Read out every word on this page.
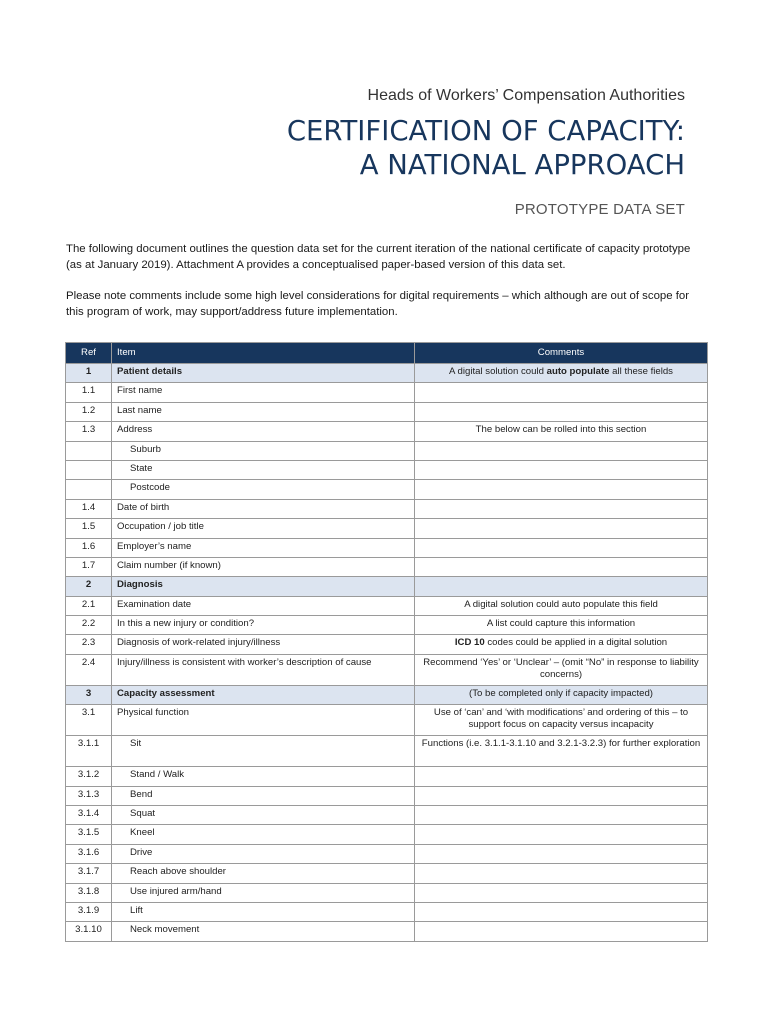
Heads of Workers’ Compensation Authorities
CERTIFICATION OF CAPACITY:
A NATIONAL APPROACH
PROTOTYPE DATA SET

The following document outlines the question data set for the current iteration of the national certificate of capacity prototype (as at January 2019). Attachment A provides a conceptualised paper-based version of this data set.

Please note comments include some high level considerations for digital requirements – which although are out of scope for this program of work, may support/address future implementation.

Ref	Item	Comments
1	Patient details	A digital solution could auto populate all these fields
1.1	First name	
1.2	Last name	
1.3	Address	The below can be rolled into this section
	Suburb	
	State	
	Postcode	
1.4	Date of birth	
1.5	Occupation / job title	
1.6	Employer’s name	
1.7	Claim number (if known)	
2	Diagnosis	
2.1	Examination date	A digital solution could auto populate this field
2.2	In this a new injury or condition?	A list could capture this information
2.3	Diagnosis of work-related injury/illness	ICD 10 codes could be applied in a digital solution
2.4	Injury/illness is consistent with worker’s description of cause	Recommend ‘Yes’ or ‘Unclear’ – (omit “No” in response to liability concerns)
3	Capacity assessment	(To be completed only if capacity impacted)
3.1	Physical function	Use of ‘can’ and ‘with modifications’ and ordering of this – to support focus on capacity versus incapacity
3.1.1	Sit	Functions (i.e. 3.1.1-3.1.10 and 3.2.1-3.2.3) for further exploration
3.1.2	Stand / Walk	
3.1.3	Bend	
3.1.4	Squat	
3.1.5	Kneel	
3.1.6	Drive	
3.1.7	Reach above shoulder	
3.1.8	Use injured arm/hand	
3.1.9	Lift	
3.1.10	Neck movement	
